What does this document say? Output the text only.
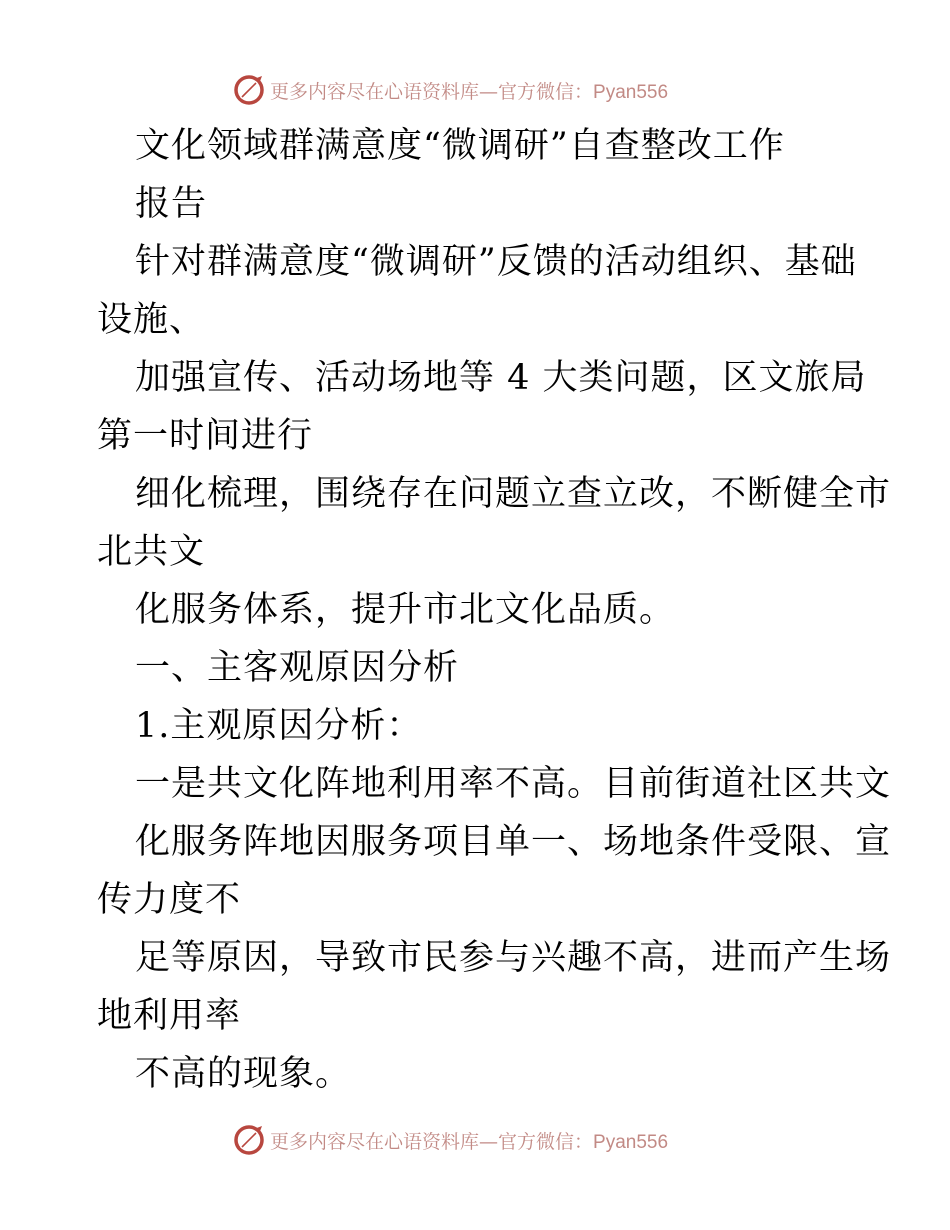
更多内容尽在心语资料库—官方微信：Pyan556
文化领域群满意度“微调研”自查整改工作
报告
针对群满意度“微调研”反馈的活动组织、基础
设施、
加强宣传、活动场地等 4 大类问题，区文旅局
第一时间进行
细化梳理，围绕存在问题立查立改，不断健全市
北共文
化服务体系，提升市北文化品质。
一、主客观原因分析
1.主观原因分析：
一是共文化阵地利用率不高。目前街道社区共文
化服务阵地因服务项目单一、场地条件受限、宣
传力度不
足等原因，导致市民参与兴趣不高，进而产生场
地利用率
不高的现象。
更多内容尽在心语资料库—官方微信：Pyan556
